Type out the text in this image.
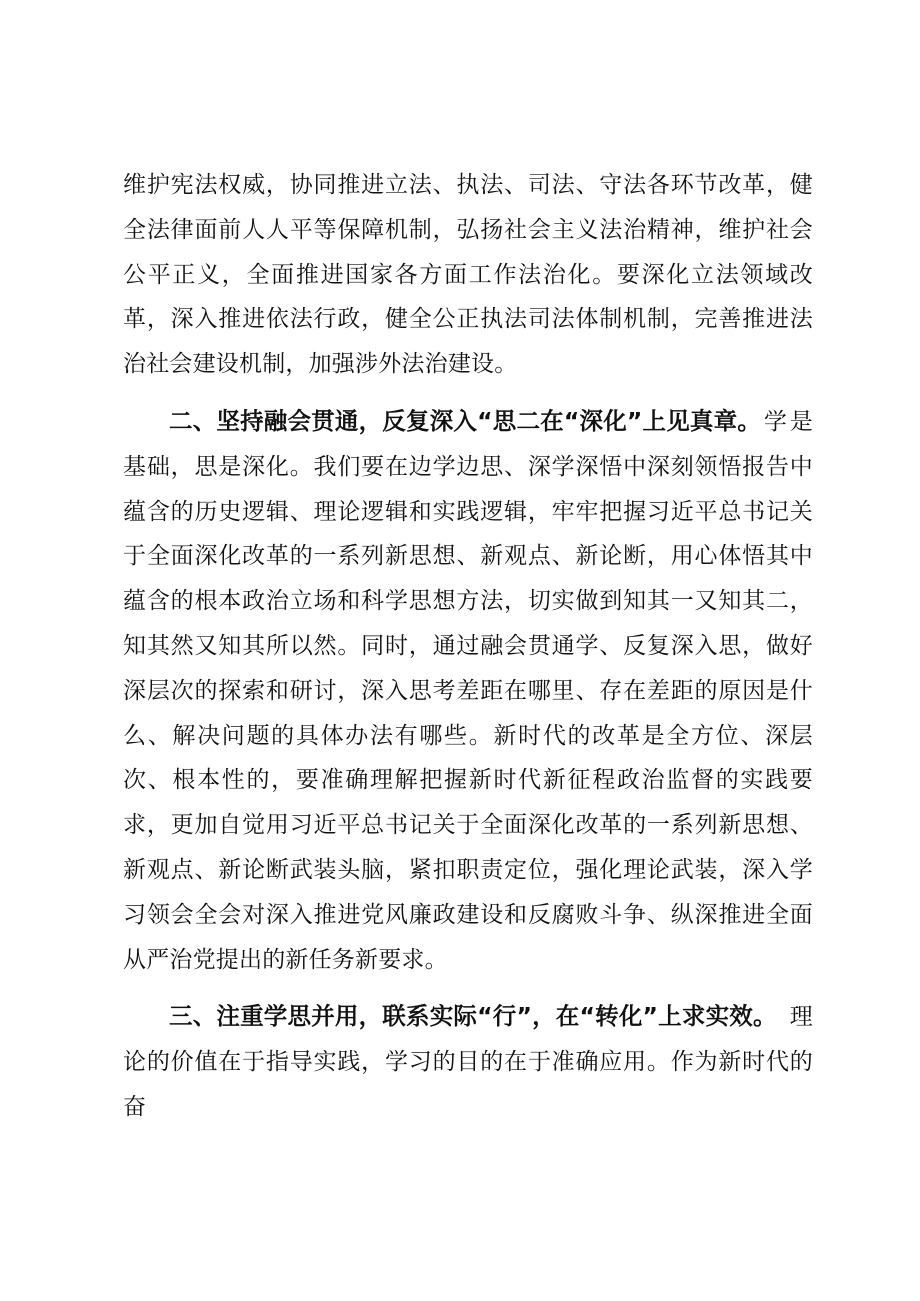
维护宪法权威，协同推进立法、执法、司法、守法各环节改革，健全法律面前人人平等保障机制，弘扬社会主义法治精神，维护社会公平正义，全面推进国家各方面工作法治化。要深化立法领域改革，深入推进依法行政，健全公正执法司法体制机制，完善推进法治社会建设机制，加强涉外法治建设。

二、坚持融会贯通，反复深入“思二在“深化”上见真章。学是基础，思是深化。我们要在边学边思、深学深悟中深刻领悟报告中蕴含的历史逻辑、理论逻辑和实践逻辑，牢牢把握习近平总书记关于全面深化改革的一系列新思想、新观点、新论断，用心体悟其中蕴含的根本政治立场和科学思想方法，切实做到知其一又知其二，知其然又知其所以然。同时，通过融会贯通学、反复深入思，做好深层次的探索和研讨，深入思考差距在哪里、存在差距的原因是什么、解决问题的具体办法有哪些。新时代的改革是全方位、深层次、根本性的，要准确理解把握新时代新征程政治监督的实践要求，更加自觉用习近平总书记关于全面深化改革的一系列新思想、新观点、新论断武装头脑，紧扣职责定位，强化理论武装，深入学习领会全会对深入推进党风廉政建设和反腐败斗争、纵深推进全面从严治党提出的新任务新要求。

三、注重学思并用，联系实际“行”，在“转化”上求实效。理论的价值在于指导实践，学习的目的在于准确应用。作为新时代的奋
